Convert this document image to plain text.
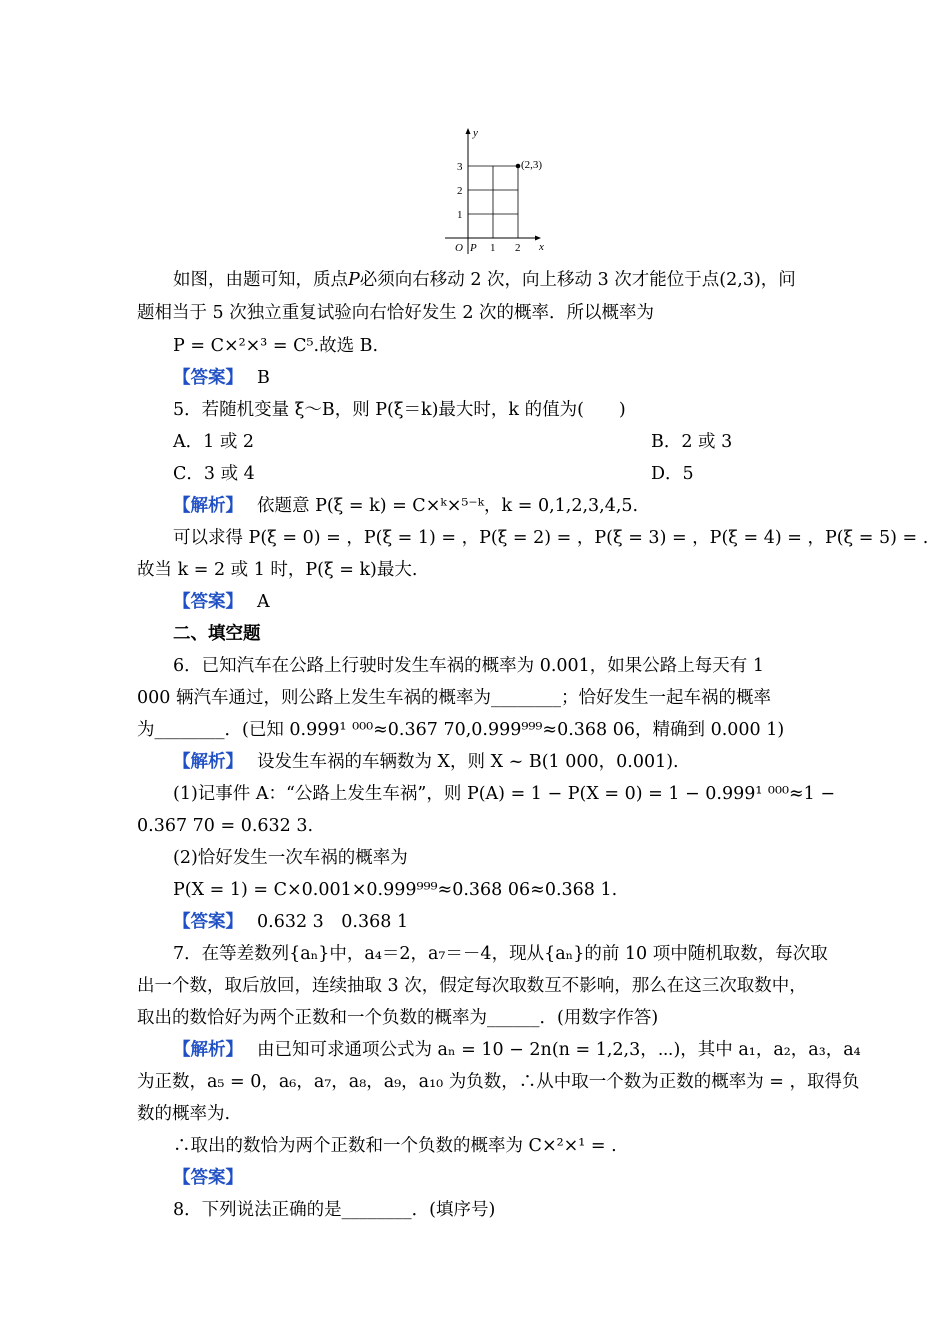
y
x
O P 1 2
1
2
3	(2,3)
如图，由题可知，质点P必须向右移动 2 次，向上移动 3 次才能位于点(2,3)，问
题相当于 5 次独立重复试验向右恰好发生 2 次的概率．所以概率为
P = C×²×³ = C⁵.故选 B.
【答案】 B
5．若随机变量 ξ～B，则 P(ξ＝k)最大时，k 的值为(　　)
A．1 或 2	B．2 或 3
C．3 或 4	D．5
【解析】 依题意 P(ξ = k) = C×ᵏ×⁵⁻ᵏ，k = 0,1,2,3,4,5.
可以求得 P(ξ = 0) = ，P(ξ = 1) = ，P(ξ = 2) = ，P(ξ = 3) = ，P(ξ = 4) = ，P(ξ = 5) = .
故当 k = 2 或 1 时，P(ξ = k)最大.
【答案】 A
二、填空题
6．已知汽车在公路上行驶时发生车祸的概率为 0.001，如果公路上每天有 1
000 辆汽车通过，则公路上发生车祸的概率为________；恰好发生一起车祸的概率
为________．(已知 0.999¹ ⁰⁰⁰≈0.367 70,0.999⁹⁹⁹≈0.368 06，精确到 0.000 1)
【解析】 设发生车祸的车辆数为 X，则 X ~ B(1 000，0.001).
(1)记事件 A：“公路上发生车祸”，则 P(A) = 1 − P(X = 0) = 1 − 0.999¹ ⁰⁰⁰≈1 −
0.367 70 = 0.632 3.
(2)恰好发生一次车祸的概率为
P(X = 1) = C×0.001×0.999⁹⁹⁹≈0.368 06≈0.368 1.
【答案】 0.632 3　0.368 1
7．在等差数列{aₙ}中，a₄＝2，a₇＝－4，现从{aₙ}的前 10 项中随机取数，每次取
出一个数，取后放回，连续抽取 3 次，假定每次取数互不影响，那么在这三次取数中，
取出的数恰好为两个正数和一个负数的概率为______．(用数字作答)
【解析】 由已知可求通项公式为 aₙ = 10 − 2n(n = 1,2,3，⋯)，其中 a₁，a₂，a₃，a₄
为正数，a₅ = 0，a₆，a₇，a₈，a₉，a₁₀ 为负数，∴从中取一个数为正数的概率为 = ，取得负
数的概率为.
∴取出的数恰为两个正数和一个负数的概率为 C×²×¹ = .
【答案】
8．下列说法正确的是________．(填序号)
